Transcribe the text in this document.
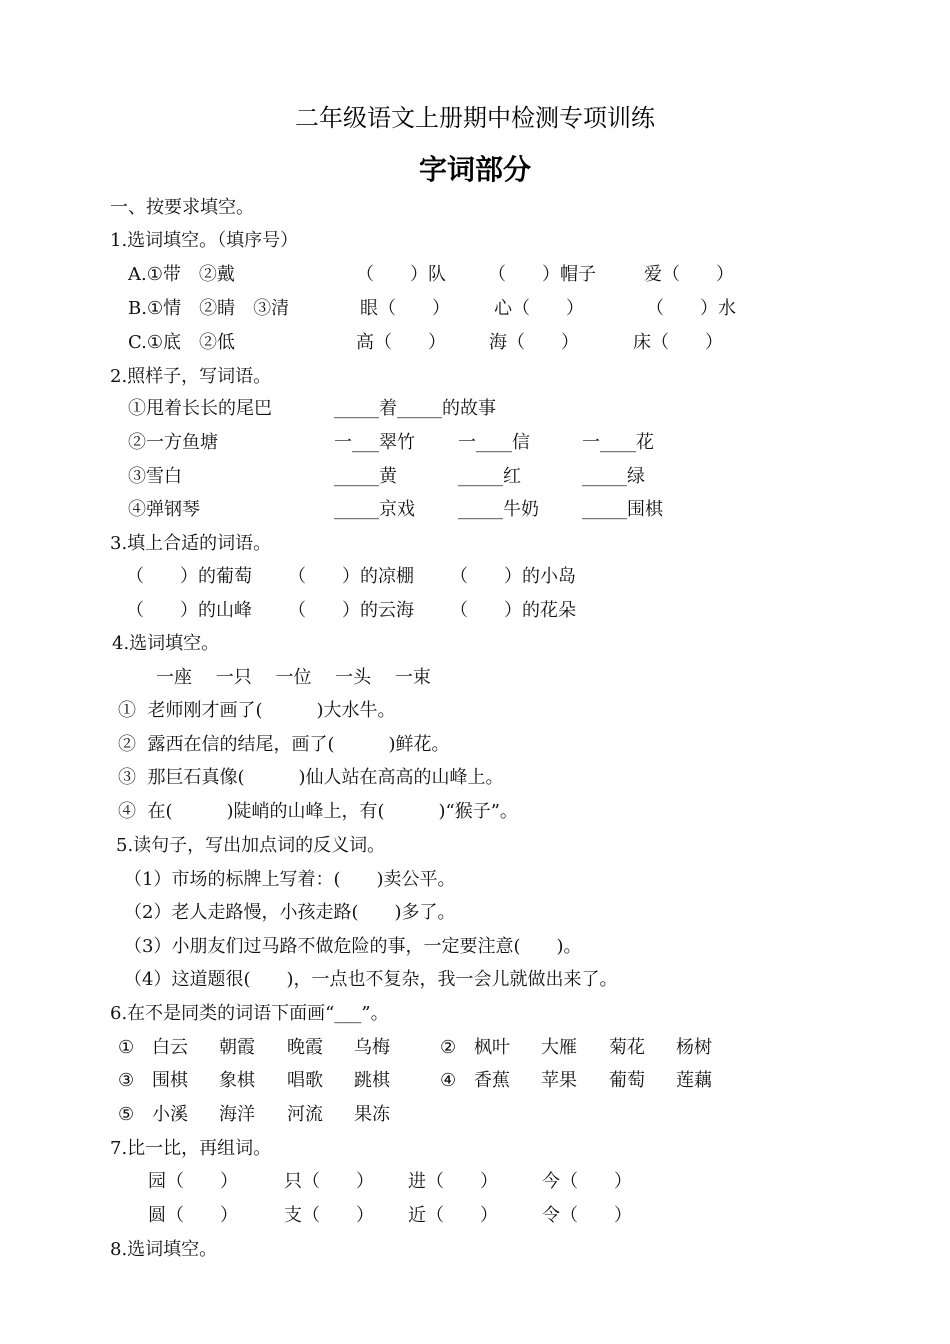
二年级语文上册期中检测专项训练
字词部分
一、按要求填空。
1.选词填空。（填序号）
A.①带　②戴	（　　）队 （　　）帽子	爱（　　）
B.①情　②睛　③清	眼（　　） 心（　　）	（　　）水
C.①底　②低	高（　　） 海（　　）	床（　　）
2.照样子，写词语。
①甩着长长的尾巴	_____着_____的故事
②一方鱼塘	一___翠竹 一____信	一____花
③雪白	_____黄	_____红	_____绿
④弹钢琴	_____京戏 _____牛奶 _____围棋
3.填上合适的词语。
（　　）的葡萄 （　　）的凉棚 （　　）的小岛
（　　）的山峰 （　　）的云海 （　　）的花朵
4.选词填空。
一座　 一只　 一位　 一头　 一束
①  老师刚才画了(　　　)大水牛。
②  露西在信的结尾，画了(　　　)鲜花。
③  那巨石真像(　　　)仙人站在高高的山峰上。
④  在(　　　)陡峭的山峰上，有(　　　)“猴子”。
5.读句子，写出加点词的反义词。
（1）市场的标牌上写着：(　　)卖公平。
（2）老人走路慢，小孩走路(　　)多了。
（3）小朋友们过马路不做危险的事，一定要注意(　　)。
（4）这道题很(　　)，一点也不复杂，我一会儿就做出来了。
6.在不是同类的词语下面画“___”。
① 白云 朝霞 晚霞 乌梅	② 枫叶 大雁 菊花 杨树
③ 围棋 象棋 唱歌 跳棋	④ 香蕉 苹果 葡萄 莲藕
⑤ 小溪 海洋 河流 果冻
7.比一比，再组词。
园（　　）	只（　　） 进（　　） 今（　　）
圆（　　）	支（　　） 近（　　） 令（　　）
8.选词填空。
